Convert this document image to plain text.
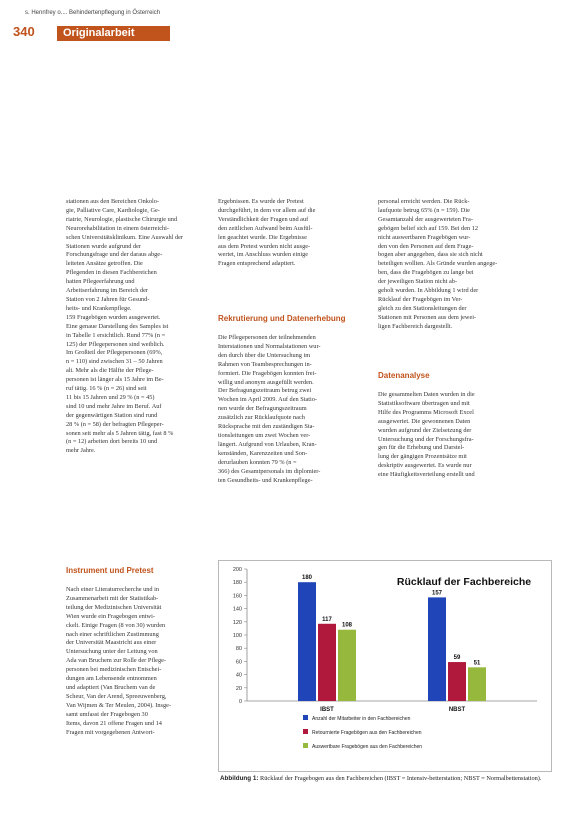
s. Hennfrey o.... Behindertenpflegung in Österreich
340	Originalarbeit
stationen aus den Bereichen Onkolo-
gie, Palliative Care, Kardiologie, Ge-
riatrie, Neurologie, plastische Chirurgie und
Neurorehabilitation in einem österreichi-
schen Universitätsklinikum. Eine Auswahl der
Stationen wurde aufgrund der
Forschungsfrage und der daraus abge-
leiteten Ansätze getroffen. Die
Pflegenden in diesen Fachbereichen
hatten Pflegeerfahrung und
Arbeitserfahrung im Bereich der
Station von 2 Jahren für Gesund-
heits- und Krankenpflege.
159 Fragebögen wurden ausgewertet.
Eine genaue Darstellung des Samples ist
in Tabelle 1 ersichtlich. Rund 77% (n =
125) der Pflegepersonen sind weiblich.
Im Großteil der Pflegepersonen (69%,
n = 110) sind zwischen 31 – 50 Jahren
alt. Mehr als die Hälfte der Pflege-
personen ist länger als 15 Jahre im Be-
ruf tätig. 16 % (n = 26) sind seit
11 bis 15 Jahren und 29 % (n = 45)
sind 10 und mehr Jahre im Beruf. Auf
der gegenwärtigen Station sind rund
28 % (n = 58) der befragten Pflegeper-
sonen seit mehr als 5 Jahren tätig, fast 8 %
(n = 12) arbeiten dort bereits 10 und
mehr Jahre.
Ergebnissen. Es wurde der Pretest
durchgeführt, in dem vor allem auf die
Verständlichkeit der Fragen und auf
den zeitlichen Aufwand beim Ausfül-
len geachtet wurde. Die Ergebnisse
aus dem Pretest wurden nicht ausge-
wertet, im Anschluss wurden einige
Fragen entsprechend adaptiert.
Rekrutierung und Datenerhebung
Die Pflegepersonen der teilnehmenden
Interstationen und Normalstationen wur-
den durch über die Untersuchung im
Rahmen von Teambesprechungen in-
formiert. Die Fragebögen konnten frei-
willig und anonym ausgefüllt werden.
Der Befragungszeitraum betrug zwei
Wochen im April 2009. Auf den Statio-
nen wurde der Befragungszeitraum
zusätzlich zur Rücklaufquote nach
Rücksprache mit den zuständigen Sta-
tionsleitungen um zwei Wochen ver-
längert. Aufgrund von Urlauben, Kran-
kenständen, Karenzzeiten und Son-
derurlauben konnten 79 % (n =
366) des Gesamtpersonals im diplomier-
ten Gesundheits- und Krankenpflege-
personal erreicht werden. Die Rück-
laufquote betrug 65% (n = 159). Die
Gesamtanzahl der ausgewerteten Fra-
gebögen belief sich auf 159. Bei den 12
nicht auswertbaren Fragebögen wur-
den von den Personen auf dem Frage-
bogen aber angegeben, dass sie sich nicht
beteiligen wollten. Als Gründe wurden angege-
ben, dass die Fragebögen zu lange bei
der jeweiligen Station nicht ab-
geholt wurden. In Abbildung 1 wird der
Rücklauf der Fragebögen im Ver-
gleich zu den Stationsleitungen der
Stationen mit Personen aus dem jewei-
ligen Fachbereich dargestellt.
Datenanalyse
Die gesammelten Daten wurden in die
Statistiksoftware übertragen und mit
Hilfe des Programms Microsoft Excel
ausgewertet. Die gewonnenen Daten
wurden aufgrund der Zielsetzung der
Untersuchung und der Forschungsfra-
gen für die Erhebung und Darstel-
lung der gängigen Prozentsätze mit
deskriptiv ausgewertet. Es wurde nur
eine Häufigkeitsverteilung erstellt und
Instrument und Pretest
Nach einer Literaturrecherche und in
Zusammenarbeit mit der Statistikab-
teilung der Medizinischen Universität
Wien wurde ein Fragebogen entwi-
ckelt. Einige Fragen (8 von 30) wurden
nach einer schriftlichen Zustimmung
der Universität Maastricht aus einer
Untersuchung unter der Leitung von
Ada van Bruchem zur Rolle der Pflege-
personen bei medizinischen Entschei-
dungen am Lebensende entnommen
und adaptiert (Van Bruchem van de
Scheur, Van der Arend, Spreeuwenberg,
Van Wijmen & Ter Meulen, 2004). Insge-
samt umfasst der Fragebogen 30
Items, davon 21 offene Fragen und 14
Fragen mit vorgegebenen Antwort-
Rücklauf der Fachbereiche
0
20
40
60
80
100
120
140
160
180
200
180
117
108
IBST
157
59
51
NBST
Anzahl der Mitarbeiter in den Fachbereichen
Retournierte Fragebögen aus den Fachbereichen
Auswertbare Fragebögen aus den Fachbereichen
Abbildung 1: Rücklauf der Fragebogen aus den Fachbereichen (IBST = Intensiv-betterstation; NBST = Normalbettenstation).
